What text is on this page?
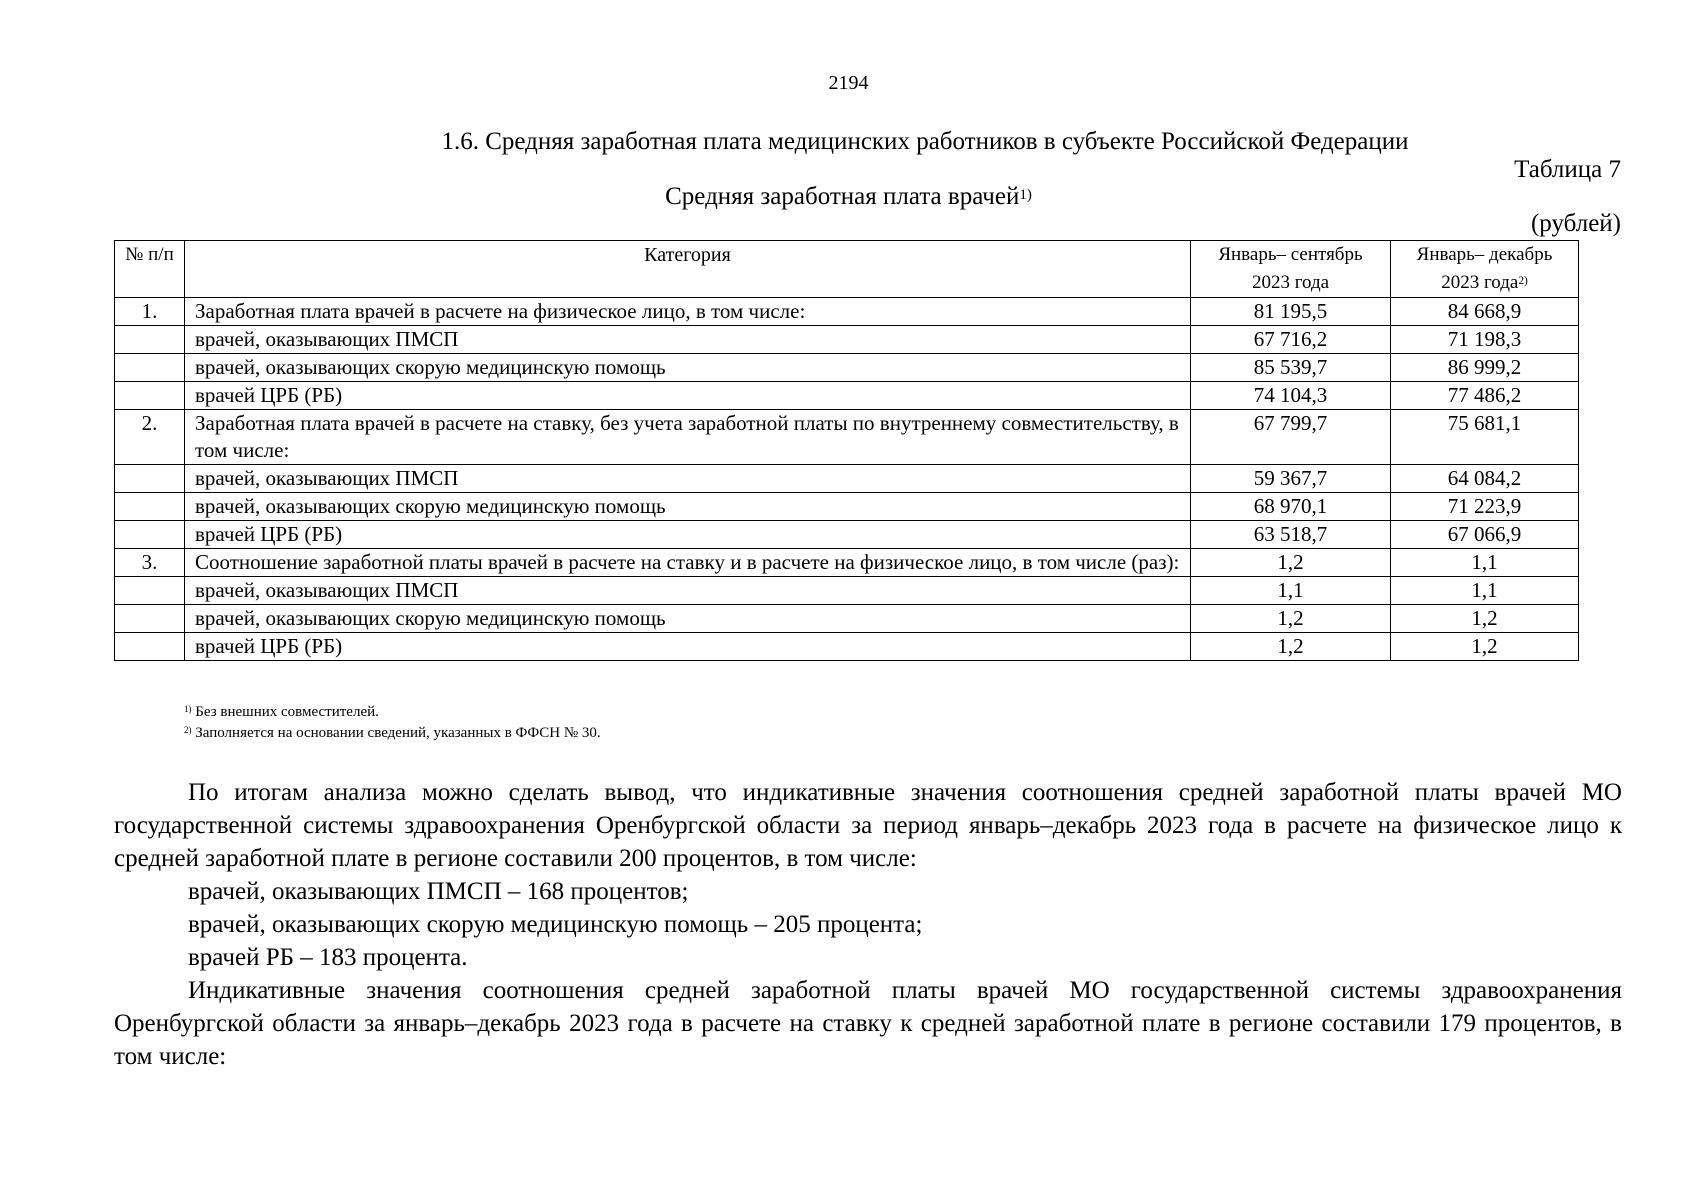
2194
1.6. Средняя заработная плата медицинских работников в субъекте Российской Федерации
Таблица 7
Средняя заработная плата врачей$^{1)}$
(рублей)
№ п/п	Категория	Январь– сентябрь 2023 года	Январь– декабрь 2023 года$^{2)}$
1.	Заработная плата врачей в расчете на физическое лицо, в том числе:	81 195,5	84 668,9
	врачей, оказывающих ПМСП	67 716,2	71 198,3
	врачей, оказывающих скорую медицинскую помощь	85 539,7	86 999,2
	врачей ЦРБ (РБ)	74 104,3	77 486,2
2.	Заработная плата врачей в расчете на ставку, без учета заработной платы по внутреннему совместительству, в том числе:	67 799,7	75 681,1
	врачей, оказывающих ПМСП	59 367,7	64 084,2
	врачей, оказывающих скорую медицинскую помощь	68 970,1	71 223,9
	врачей ЦРБ (РБ)	63 518,7	67 066,9
3.	Соотношение заработной платы врачей в расчете на ставку и в расчете на физическое лицо, в том числе (раз):	1,2	1,1
	врачей, оказывающих ПМСП	1,1	1,1
	врачей, оказывающих скорую медицинскую помощь	1,2	1,2
	врачей ЦРБ (РБ)	1,2	1,2
$^{1)}$ Без внешних совместителей.
$^{2)}$ Заполняется на основании сведений, указанных в ФФСН № 30.

По итогам анализа можно сделать вывод, что индикативные значения соотношения средней заработной платы врачей МО государственной системы здравоохранения Оренбургской области за период январь–декабрь 2023 года в расчете на физическое лицо к средней заработной плате в регионе составили 200 процентов, в том числе:

врачей, оказывающих ПМСП – 168 процентов;

врачей, оказывающих скорую медицинскую помощь – 205 процента;

врачей РБ – 183 процента.

Индикативные значения соотношения средней заработной платы врачей МО государственной системы здравоохранения Оренбургской области за январь–декабрь 2023 года в расчете на ставку к средней заработной плате в регионе составили 179 процентов, в том числе:
